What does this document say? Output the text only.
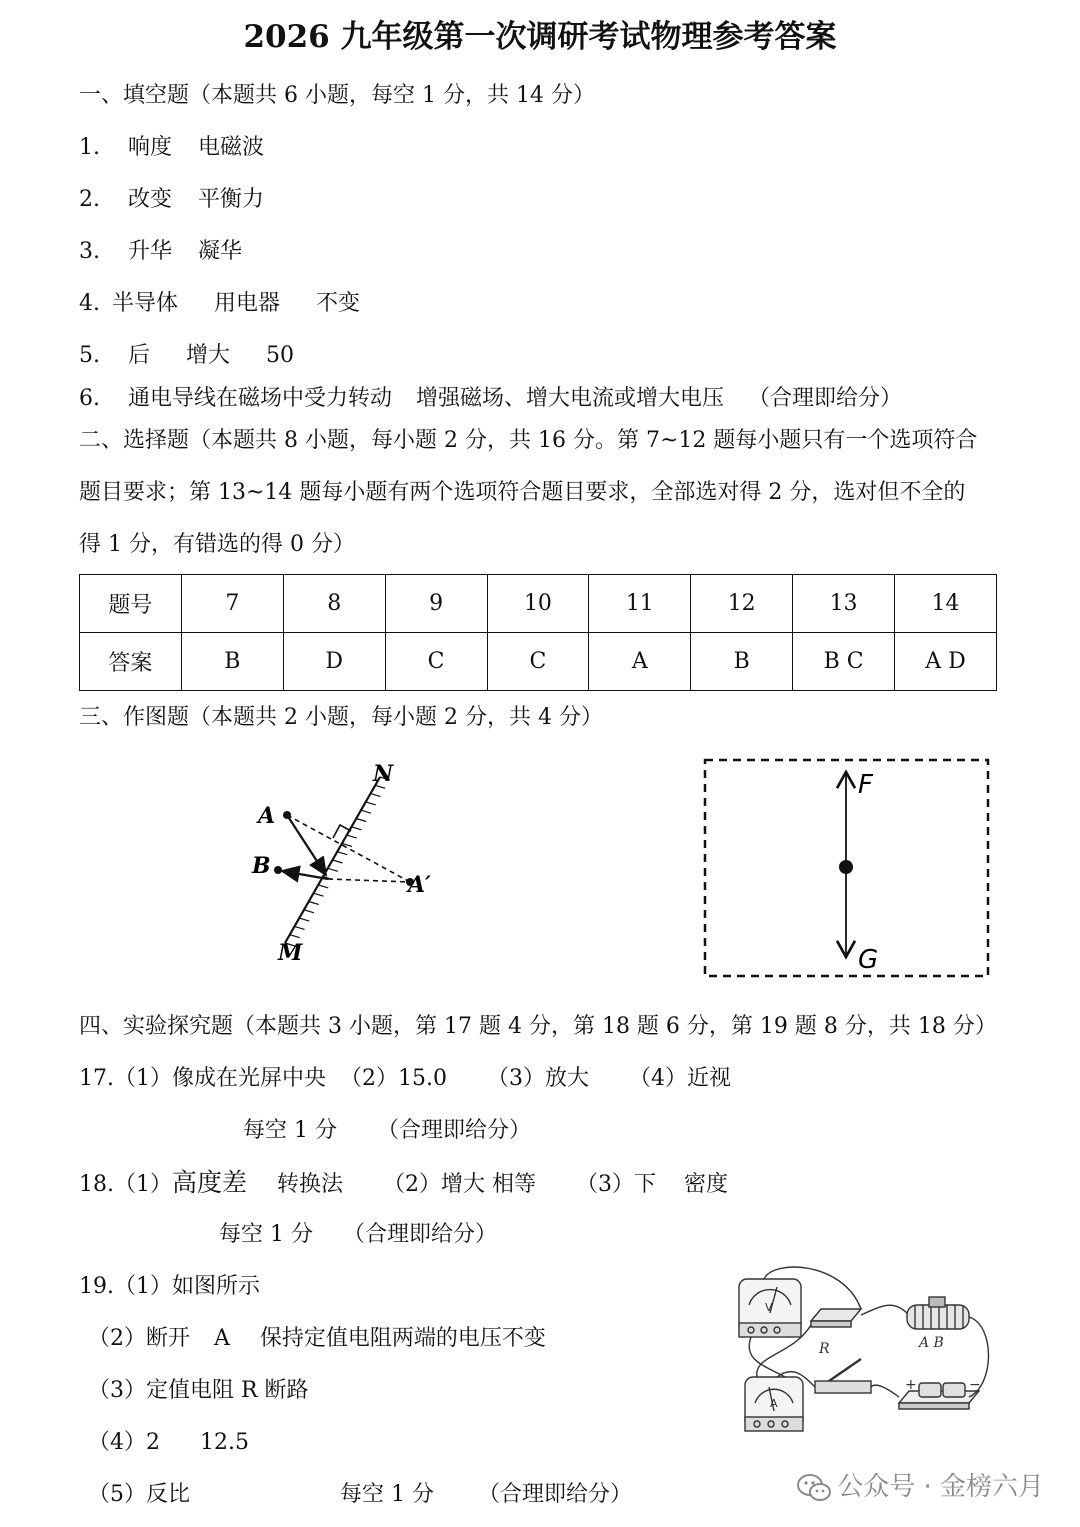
2026 九年级第一次调研考试物理参考答案
一、填空题（本题共 6 小题，每空 1 分，共 14 分）
1. 响度 电磁波
2. 改变 平衡力
3. 升华 凝华
4. 半导体 用电器 不变
5. 后 增大 50
6. 通电导线在磁场中受力转动 增强磁场、增大电流或增大电压 （合理即给分）
二、选择题（本题共 8 小题，每小题 2 分，共 16 分。第 7~12 题每小题只有一个选项符合
题目要求；第 13~14 题每小题有两个选项符合题目要求，全部选对得 2 分，选对但不全的
得 1 分，有错选的得 0 分）
题号	7	8	9	10	11	12	13	14
答案	B	D	C	C	A	B	B C	A D
三、作图题（本题共 2 小题，每小题 2 分，共 4 分）
N
M
A
B
A′
F
G
四、实验探究题（本题共 3 小题，第 17 题 4 分，第 18 题 6 分，第 19 题 8 分，共 18 分）
17.（1）像成在光屏中央 （2）15.0 （3）放大 （4）近视
每空 1 分 （合理即给分）
18.（1）高度差 转换法 （2）增大 相等 （3）下 密度
每空 1 分 （合理即给分）
19.（1）如图所示
（2）断开 A 保持定值电阻两端的电压不变
（3）定值电阻 R 断路
（4）2 12.5
（5）反比	每空 1 分 （合理即给分）
V
A
R	A B
+	−
公众号 · 金榜六月
